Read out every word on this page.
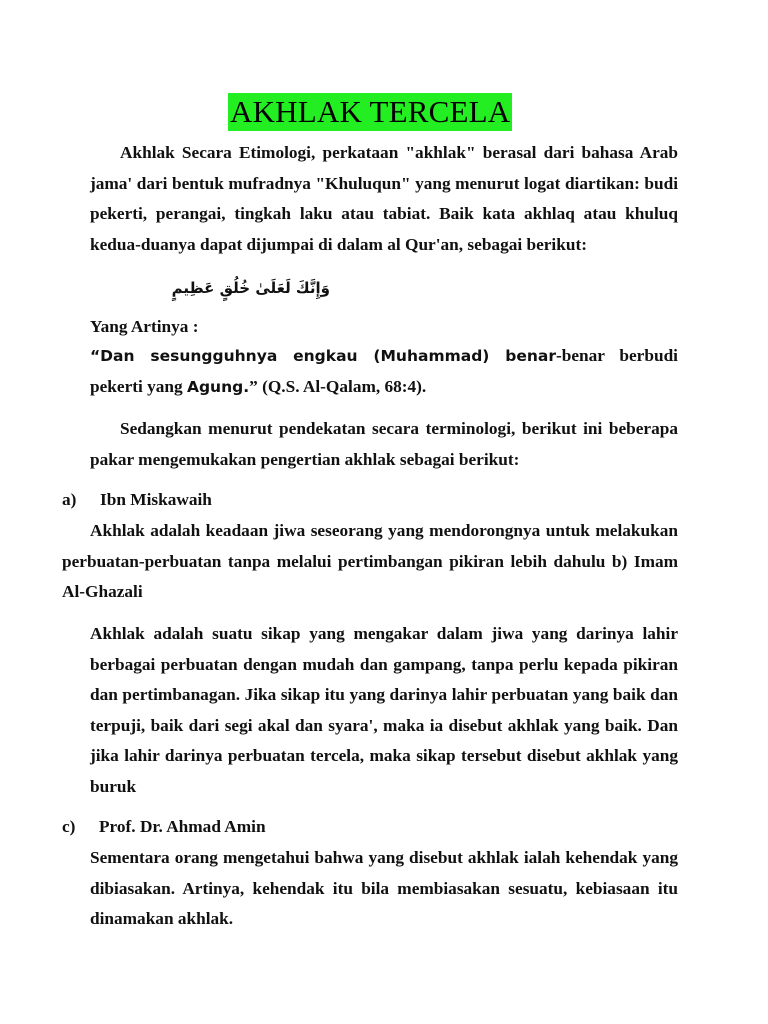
AKHLAK TERCELA

Akhlak Secara Etimologi, perkataan "akhlak" berasal dari bahasa Arab jama' dari bentuk mufradnya "Khuluqun" yang menurut logat diartikan: budi pekerti, perangai, tingkah laku atau tabiat. Baik kata akhlaq atau khuluq kedua-duanya dapat dijumpai di dalam al Qur'an, sebagai berikut:

وَإِنَّكَ لَعَلَىٰ خُلُقٍ عَظِيمٍ
Yang Artinya :

“Dan sesungguhnya engkau (Muhammad) benar-benar berbudi pekerti yang Agung.” (Q.S. Al-Qalam, 68:4).

Sedangkan menurut pendekatan secara terminologi, berikut ini beberapa pakar mengemukakan pengertian akhlak sebagai berikut:

a) Ibn Miskawaih

Akhlak adalah keadaan jiwa seseorang yang mendorongnya untuk melakukan perbuatan-perbuatan tanpa melalui pertimbangan pikiran lebih dahulu b) Imam Al-Ghazali

Akhlak adalah suatu sikap yang mengakar dalam jiwa yang darinya lahir berbagai perbuatan dengan mudah dan gampang, tanpa perlu kepada pikiran dan pertimbanagan. Jika sikap itu yang darinya lahir perbuatan yang baik dan terpuji, baik dari segi akal dan syara', maka ia disebut akhlak yang baik. Dan jika lahir darinya perbuatan tercela, maka sikap tersebut disebut akhlak yang buruk

c) Prof. Dr. Ahmad Amin

Sementara orang mengetahui bahwa yang disebut akhlak ialah kehendak yang dibiasakan. Artinya, kehendak itu bila membiasakan sesuatu, kebiasaan itu dinamakan akhlak.
